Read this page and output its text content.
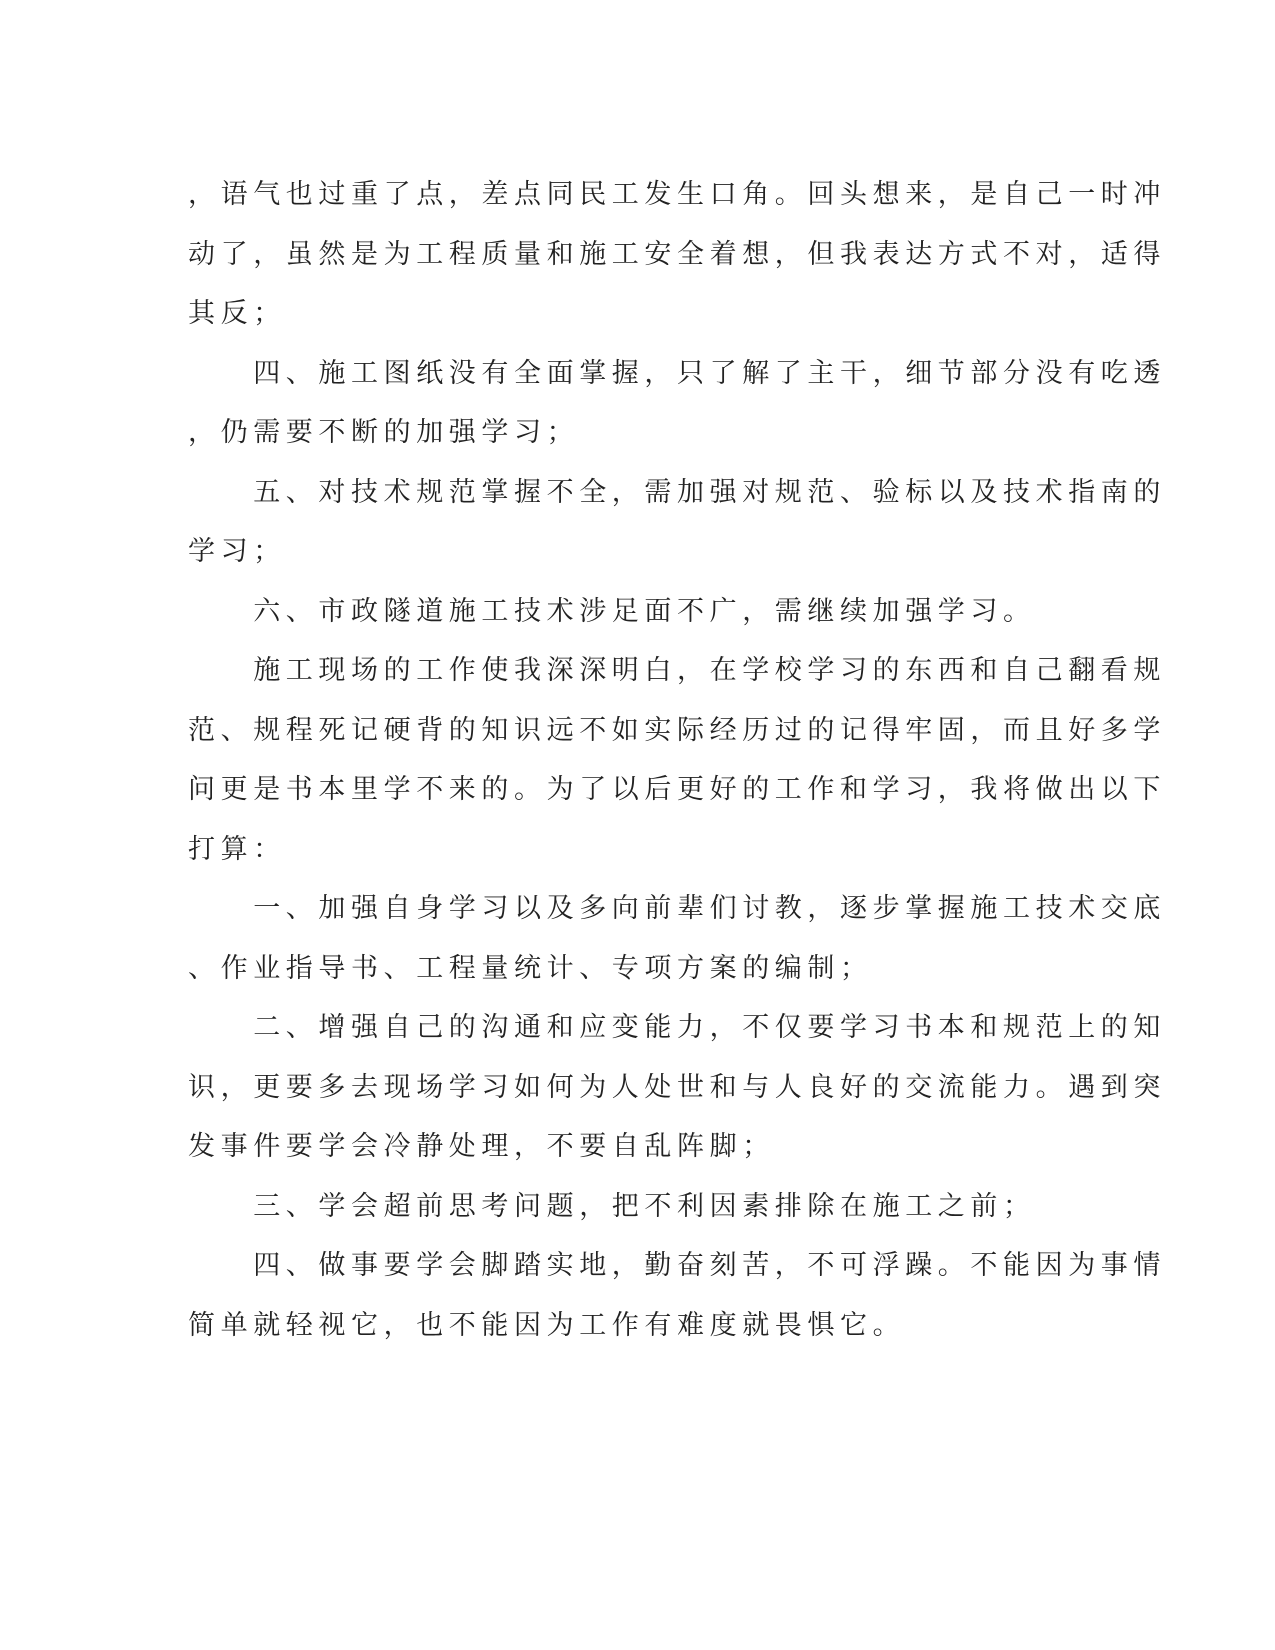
，语气也过重了点，差点同民工发生口角。回头想来，是自己一时冲

动了，虽然是为工程质量和施工安全着想，但我表达方式不对，适得

其反；

　　四、施工图纸没有全面掌握，只了解了主干，细节部分没有吃透

，仍需要不断的加强学习；

　　五、对技术规范掌握不全，需加强对规范、验标以及技术指南的

学习；

　　六、市政隧道施工技术涉足面不广，需继续加强学习。

　　施工现场的工作使我深深明白，在学校学习的东西和自己翻看规

范、规程死记硬背的知识远不如实际经历过的记得牢固，而且好多学

问更是书本里学不来的。为了以后更好的工作和学习，我将做出以下

打算：

　　一、加强自身学习以及多向前辈们讨教，逐步掌握施工技术交底

、作业指导书、工程量统计、专项方案的编制；

　　二、增强自己的沟通和应变能力，不仅要学习书本和规范上的知

识，更要多去现场学习如何为人处世和与人良好的交流能力。遇到突

发事件要学会冷静处理，不要自乱阵脚；

　　三、学会超前思考问题，把不利因素排除在施工之前；

　　四、做事要学会脚踏实地，勤奋刻苦，不可浮躁。不能因为事情

简单就轻视它，也不能因为工作有难度就畏惧它。
